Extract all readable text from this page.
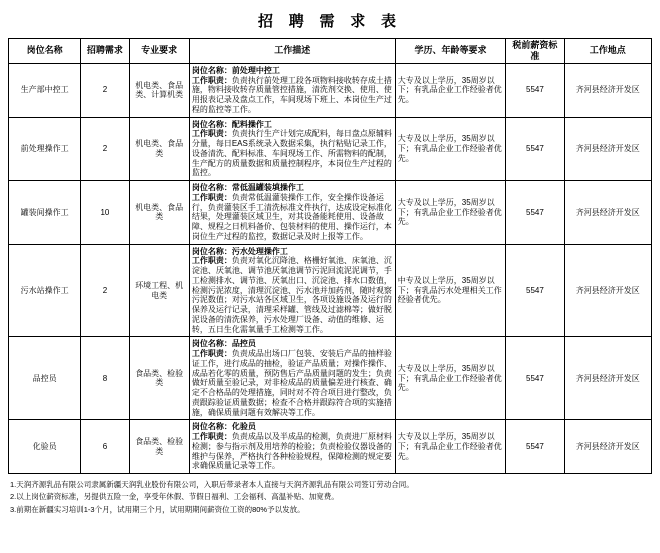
招 聘 需 求 表
岗位名称	招聘需求	专业要求	工作描述	学历、年龄等要求	税前薪资标准	工作地点
生产部中控工	2	机电类、食品类、计算机类	岗位名称：前处理中控工
工作职责：负责执行前处理工段各项物料接收转存成土措施，物料接收转存质量管控措施，清洗剂交换、使用、使用报表记录及盘点工作，车间现场下班上、本岗位生产过程的监控等工作。	大专及以上学历，35周岁以下；有乳品企业工作经验者优先。	5547	齐河县经济开发区
前处理操作工	2	机电类、食品类	岗位名称：配料操作工
工作职责：负责执行生产计划完成配料，每日盘点原辅料分量，每日EAS系统录入数据采集，执行粘贴记录工作，设备清洗、配料标准、车间现场工作、所需物料的配制，生产配方的质量数据和质量控制程序，本岗位生产过程的监控。	大专及以上学历，35周岁以下；有乳品企业工作经验者优先。	5547	齐河县经济开发区
罐装间操作工	10	机电类、食品类	岗位名称：常低温罐装填操作工
工作职责：负责常低温灌装操作工作，安全操作设备运行，负责灌装区手工清洗标准文件执行，达成设定标准化结果，处理灌装区域卫生，对其设备能耗使用、设备故障、规程之日机料备价、包装材料的使用、操作运行，本岗位生产过程的监控，数据记录及时上报等工作。	大专及以上学历，35周岁以下；有乳品企业工作经验者优先。	5547	齐河县经济开发区
污水站操作工	2	环境工程、机电类	岗位名称：污水处理操作工
工作职责：负责对氧化沉降池、格栅好氧池、床氧池、沉淀池、厌氧池、调节池厌氧池调节污泥回流泥泥调节，手工检测排水、调节池、厌氧出口、沉淀池、排水口数值，检测污泥浓度，清理沉淀池、污水池并加药剂，随时观察污泥数值；对污水站各区域卫生，各项设施设备及运行的保养及运行记录，清理采样罐、管线及过滤棉等；做好脱泥设备的清洗保养，污水处理厂设备、动值的维修、运转，五日生化需氧量手工检测等工作。	中专及以上学历，35周岁以下；有乳品污水处理相关工作经验者优先。	5547	齐河县经济开发区
品控员	8	食品类、检验类	岗位名称：品控员
工作职责：负责成品出场口厂包装、安装后产品的抽样验证工作，进行成品的抽检，验证产品质量；对操作操作、成品若化零的质量，预防售后产品质量问题的发生；负责做好质量至验记录，对非检成品的质量偏差进行核查、确定不合格品的处理措施，同时对不符合项目进行整改，负责跟踪验证质量数据；检查不合格并跟踪符合项的实施措施，确保质量问题有效解决等工作。	大专及以上学历，35周岁以下；有乳品企业工作经验者优先。	5547	齐河县经济开发区
化验员	6	食品类、检验类	岗位名称：化验员
工作职责：负责成品以及半成品的检测，负责进厂原材料检测；参与指示剂及用培养的检验；负责检验仪器设备的维护与保养，严格执行各种检验规程，保障检测的规定要求确保质量记录等工作。	大专及以上学历，35周岁以下；有乳品企业工作经验者优先。	5547	齐河县经济开发区
1.天润齐源乳品有限公司隶属新疆天润乳业股份有限公司，入职后带录者本人直接与天润齐源乳品有限公司签订劳动合同。
2.以上岗位薪资标准，另提供五险一金，享受年休假、节假日福利、工会福利、高温补贴、加宽费。
3.前期在新疆实习培训1-3个月，试用期三个月，试用期期间薪资位工资的80%予以发放。
